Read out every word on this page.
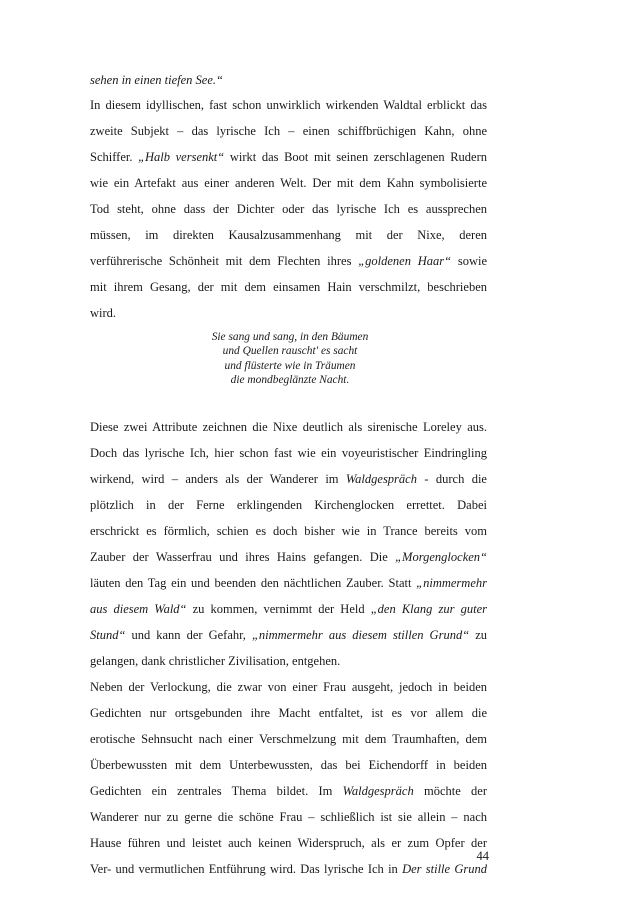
sehen in einen tiefen See.“
In diesem idyllischen, fast schon unwirklich wirkenden Waldtal erblickt das
zweite Subjekt – das lyrische Ich – einen schiffbrüchigen Kahn, ohne
Schiffer. „Halb versenkt“ wirkt das Boot mit seinen zerschlagenen Rudern
wie ein Artefakt aus einer anderen Welt. Der mit dem Kahn symbolisierte
Tod steht, ohne dass der Dichter oder das lyrische Ich es aussprechen
müssen, im direkten Kausalzusammenhang mit der Nixe, deren
verführerische Schönheit mit dem Flechten ihres „goldenen Haar“ sowie
mit ihrem Gesang, der mit dem einsamen Hain verschmilzt, beschrieben
wird.
Diese zwei Attribute zeichnen die Nixe deutlich als sirenische Loreley aus.
Doch das lyrische Ich, hier schon fast wie ein voyeuristischer Eindringling
wirkend, wird – anders als der Wanderer im Waldgespräch - durch die
plötzlich in der Ferne erklingenden Kirchenglocken errettet. Dabei
erschrickt es förmlich, schien es doch bisher wie in Trance bereits vom
Zauber der Wasserfrau und ihres Hains gefangen. Die „Morgenglocken“
läuten den Tag ein und beenden den nächtlichen Zauber. Statt „nimmermehr
aus diesem Wald“ zu kommen, vernimmt der Held „den Klang zur guter
Stund“ und kann der Gefahr, „nimmermehr aus diesem stillen Grund“ zu
gelangen, dank christlicher Zivilisation, entgehen.
Neben der Verlockung, die zwar von einer Frau ausgeht, jedoch in beiden
Gedichten nur ortsgebunden ihre Macht entfaltet, ist es vor allem die
erotische Sehnsucht nach einer Verschmelzung mit dem Traumhaften, dem
Überbewussten mit dem Unterbewussten, das bei Eichendorff in beiden
Gedichten ein zentrales Thema bildet. Im Waldgespräch möchte der
Wanderer nur zu gerne die schöne Frau – schließlich ist sie allein – nach
Hause führen und leistet auch keinen Widerspruch, als er zum Opfer der
Ver- und vermutlichen Entführung wird. Das lyrische Ich in Der stille Grund
Sie sang und sang, in den Bäumen
und Quellen rauscht' es sacht
und flüsterte wie in Träumen
die mondbeglänzte Nacht.
44
